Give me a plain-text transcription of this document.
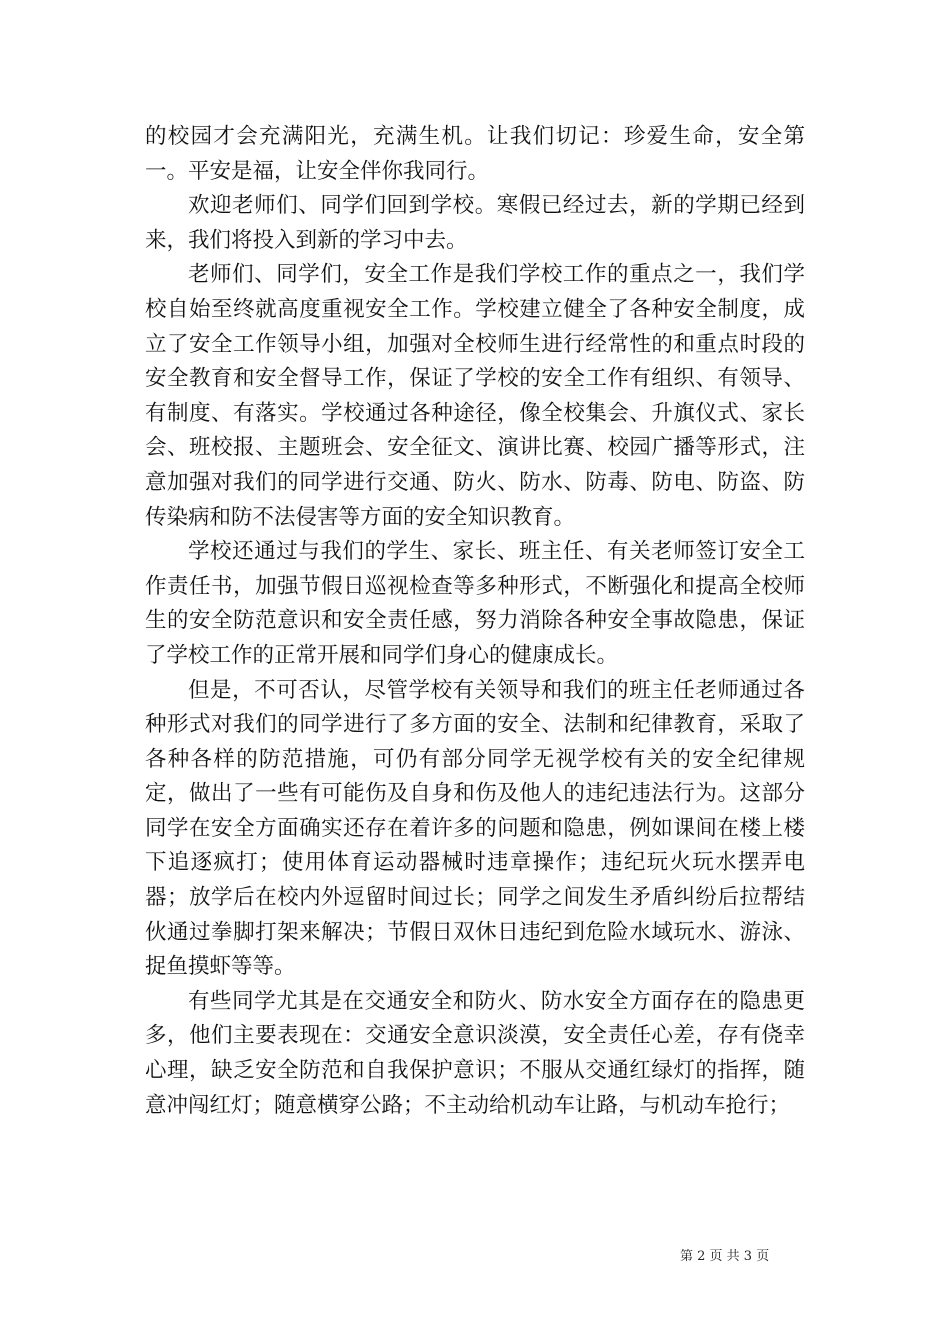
的校园才会充满阳光，充满生机。让我们切记：珍爱生命，安全第一。平安是福，让安全伴你我同行。

欢迎老师们、同学们回到学校。寒假已经过去，新的学期已经到来，我们将投入到新的学习中去。

老师们、同学们，安全工作是我们学校工作的重点之一，我们学校自始至终就高度重视安全工作。学校建立健全了各种安全制度，成立了安全工作领导小组，加强对全校师生进行经常性的和重点时段的安全教育和安全督导工作，保证了学校的安全工作有组织、有领导、有制度、有落实。学校通过各种途径，像全校集会、升旗仪式、家长会、班校报、主题班会、安全征文、演讲比赛、校园广播等形式，注意加强对我们的同学进行交通、防火、防水、防毒、防电、防盗、防传染病和防不法侵害等方面的安全知识教育。

学校还通过与我们的学生、家长、班主任、有关老师签订安全工作责任书，加强节假日巡视检查等多种形式，不断强化和提高全校师生的安全防范意识和安全责任感，努力消除各种安全事故隐患，保证了学校工作的正常开展和同学们身心的健康成长。

但是，不可否认，尽管学校有关领导和我们的班主任老师通过各种形式对我们的同学进行了多方面的安全、法制和纪律教育，采取了各种各样的防范措施，可仍有部分同学无视学校有关的安全纪律规定，做出了一些有可能伤及自身和伤及他人的违纪违法行为。这部分同学在安全方面确实还存在着许多的问题和隐患，例如课间在楼上楼下追逐疯打；使用体育运动器械时违章操作；违纪玩火玩水摆弄电器；放学后在校内外逗留时间过长；同学之间发生矛盾纠纷后拉帮结伙通过拳脚打架来解决；节假日双休日违纪到危险水域玩水、游泳、捉鱼摸虾等等。

有些同学尤其是在交通安全和防火、防水安全方面存在的隐患更多，他们主要表现在：交通安全意识淡漠，安全责任心差，存有侥幸心理，缺乏安全防范和自我保护意识；不服从交通红绿灯的指挥，随意冲闯红灯；随意横穿公路；不主动给机动车让路，与机动车抢行；

第 2 页 共 3 页
